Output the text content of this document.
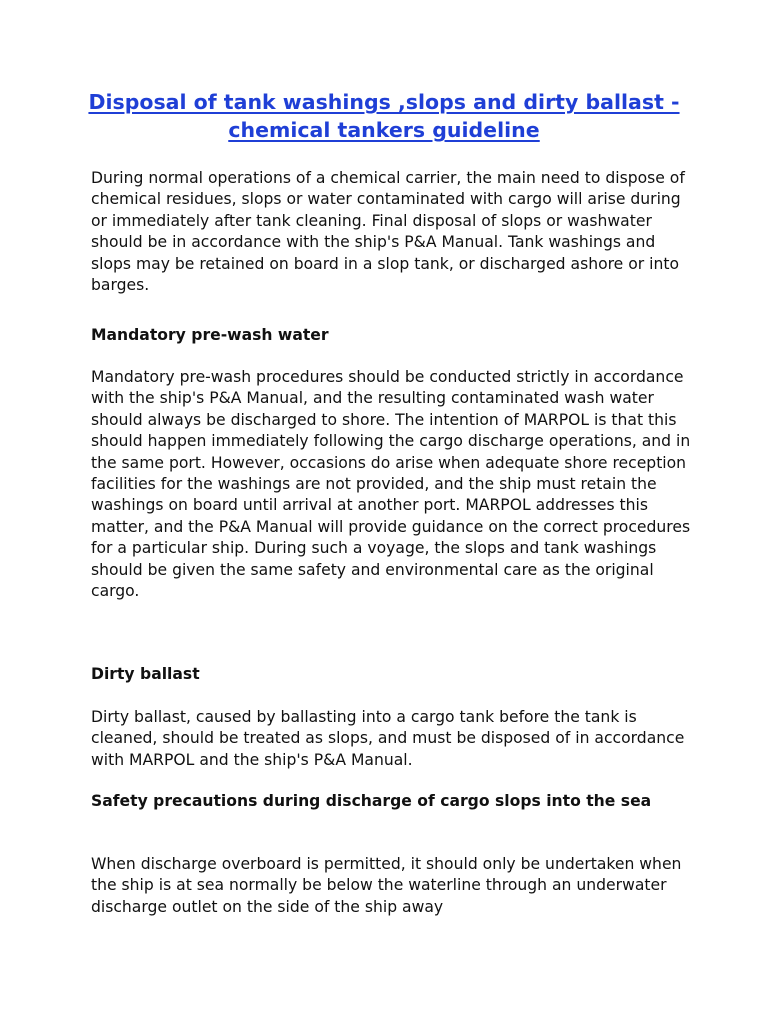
Disposal of tank washings ,slops and dirty ballast - chemical tankers guideline

During normal operations of a chemical carrier, the main need to dispose of chemical residues, slops or water contaminated with cargo will arise during or immediately after tank cleaning. Final disposal of slops or washwater should be in accordance with the ship's P&A Manual. Tank washings and slops may be retained on board in a slop tank, or discharged ashore or into barges.

Mandatory pre-wash water

Mandatory pre-wash procedures should be conducted strictly in accordance with the ship's P&A Manual, and the resulting contaminated wash water should always be discharged to shore. The intention of MARPOL is that this should happen immediately following the cargo discharge operations, and in the same port. However, occasions do arise when adequate shore reception facilities for the washings are not provided, and the ship must retain the washings on board until arrival at another port. MARPOL addresses this matter, and the P&A Manual will provide guidance on the correct procedures for a particular ship. During such a voyage, the slops and tank washings should be given the same safety and environmental care as the original cargo.

Dirty ballast

Dirty ballast, caused by ballasting into a cargo tank before the tank is cleaned, should be treated as slops, and must be disposed of in accordance with MARPOL and the ship's P&A Manual.

Safety precautions during discharge of cargo slops into the sea

When discharge overboard is permitted, it should only be undertaken when the ship is at sea normally be below the waterline through an underwater discharge outlet on the side of the ship away
